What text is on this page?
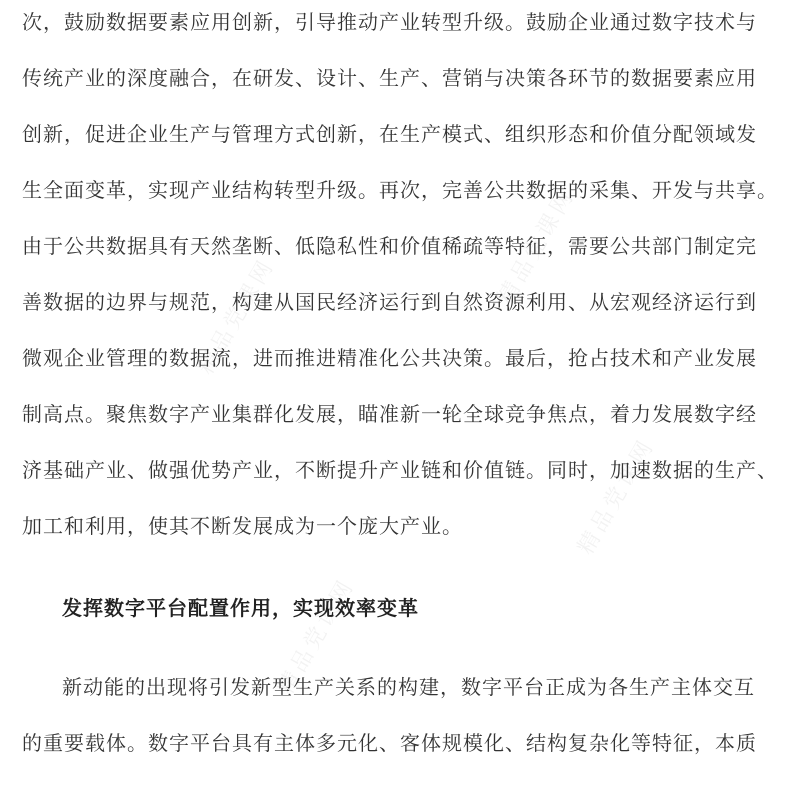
精品党课网
精品党课网
精品党课网
精品党课网
次，鼓励数据要素应用创新，引导推动产业转型升级。鼓励企业通过数字技术与
传统产业的深度融合，在研发、设计、生产、营销与决策各环节的数据要素应用
创新，促进企业生产与管理方式创新，在生产模式、组织形态和价值分配领域发
生全面变革，实现产业结构转型升级。再次，完善公共数据的采集、开发与共享。
由于公共数据具有天然垄断、低隐私性和价值稀疏等特征，需要公共部门制定完
善数据的边界与规范，构建从国民经济运行到自然资源利用、从宏观经济运行到
微观企业管理的数据流，进而推进精准化公共决策。最后，抢占技术和产业发展
制高点。聚焦数字产业集群化发展，瞄准新一轮全球竞争焦点，着力发展数字经
济基础产业、做强优势产业，不断提升产业链和价值链。同时，加速数据的生产、
加工和利用，使其不断发展成为一个庞大产业。
发挥数字平台配置作用，实现效率变革
新动能的出现将引发新型生产关系的构建，数字平台正成为各生产主体交互
的重要载体。数字平台具有主体多元化、客体规模化、结构复杂化等特征，本质
